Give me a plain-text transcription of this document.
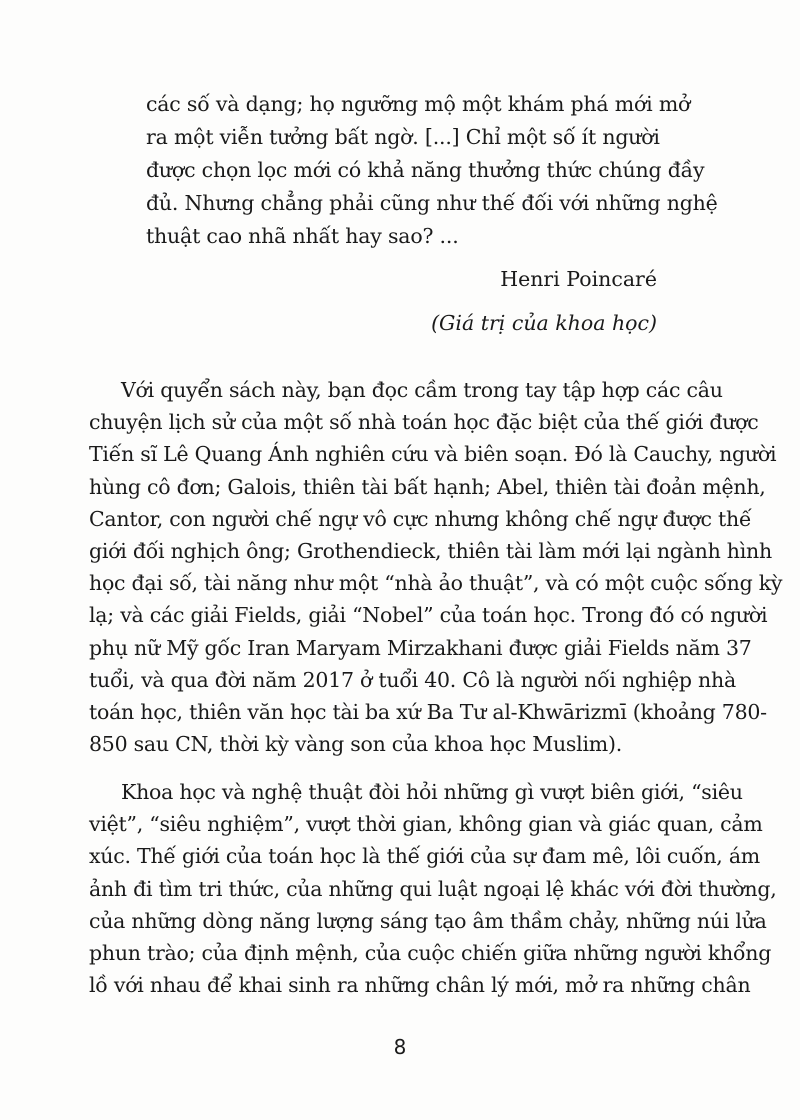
các số và dạng; họ ngưỡng mộ một khám phá mới mở
ra một viễn tưởng bất ngờ. [...] Chỉ một số ít người
được chọn lọc mới có khả năng thưởng thức chúng đầy
đủ. Nhưng chẳng phải cũng như thế đối với những nghệ
thuật cao nhã nhất hay sao? ...
Henri Poincaré
(Giá trị của khoa học)
Với quyển sách này, bạn đọc cầm trong tay tập hợp các câu
chuyện lịch sử của một số nhà toán học đặc biệt của thế giới được
Tiến sĩ Lê Quang Ánh nghiên cứu và biên soạn. Đó là Cauchy, người
hùng cô đơn; Galois, thiên tài bất hạnh; Abel, thiên tài đoản mệnh,
Cantor, con người chế ngự vô cực nhưng không chế ngự được thế
giới đối nghịch ông; Grothendieck, thiên tài làm mới lại ngành hình
học đại số, tài năng như một “nhà ảo thuật”, và có một cuộc sống kỳ
lạ; và các giải Fields, giải “Nobel” của toán học. Trong đó có người
phụ nữ Mỹ gốc Iran Maryam Mirzakhani được giải Fields năm 37
tuổi, và qua đời năm 2017 ở tuổi 40. Cô là người nối nghiệp nhà
toán học, thiên văn học tài ba xứ Ba Tư al-Khwārizmī (khoảng 780-
850 sau CN, thời kỳ vàng son của khoa học Muslim).
Khoa học và nghệ thuật đòi hỏi những gì vượt biên giới, “siêu
việt”, “siêu nghiệm”, vượt thời gian, không gian và giác quan, cảm
xúc. Thế giới của toán học là thế giới của sự đam mê, lôi cuốn, ám
ảnh đi tìm tri thức, của những qui luật ngoại lệ khác với đời thường,
của những dòng năng lượng sáng tạo âm thầm chảy, những núi lửa
phun trào; của định mệnh, của cuộc chiến giữa những người khổng
lồ với nhau để khai sinh ra những chân lý mới, mở ra những chân
8
